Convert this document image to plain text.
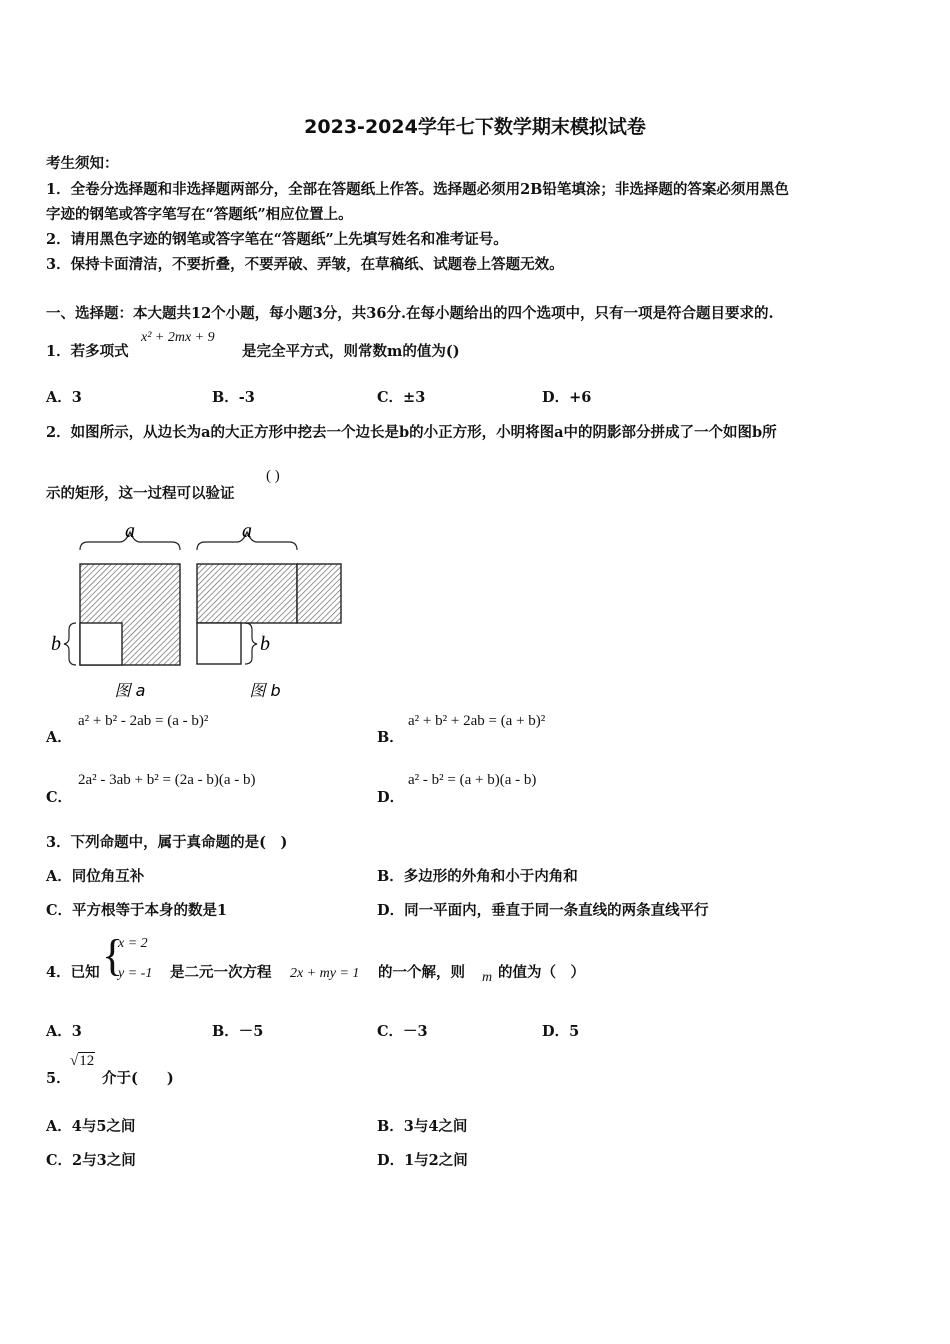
2023-2024学年七下数学期末模拟试卷
考生须知：
1．全卷分选择题和非选择题两部分，全部在答题纸上作答。选择题必须用2B铅笔填涂；非选择题的答案必须用黑色
字迹的钢笔或答字笔写在“答题纸”相应位置上。
2．请用黑色字迹的钢笔或答字笔在“答题纸”上先填写姓名和准考证号。
3．保持卡面清洁，不要折叠，不要弄破、弄皱，在草稿纸、试题卷上答题无效。
一、选择题：本大题共12个小题，每小题3分，共36分.在每小题给出的四个选项中，只有一项是符合题目要求的.
1．若多项式
x² + 2mx + 9
是完全平方式，则常数m的值为()
A．3	B．-3	C．±3	D．+6
2．如图所示，从边长为a的大正方形中挖去一个边长是b的小正方形，小明将图a中的阴影部分拼成了一个如图b所
示的矩形，这一过程可以验证
( )
a
b
图 a
a
b
图 b
A．
a² + b² - 2ab = (a - b)²
B．
a² + b² + 2ab = (a + b)²
C．
2a² - 3ab + b² = (2a - b)(a - b)
D．
a² - b² = (a + b)(a - b)
3．下列命题中，属于真命题的是(　)
A．同位角互补	B．多边形的外角和小于内角和
C．平方根等于本身的数是1	D．同一平面内，垂直于同一条直线的两条直线平行
4．已知 {
x = 2
y = -1 是二元一次方程 2x + my = 1 的一个解，则 m 的值为（　）
A．3	B．－5	C．－3	D．5
5．
√12
介于(　　)
A．4与5之间	B．3与4之间
C．2与3之间	D．1与2之间
